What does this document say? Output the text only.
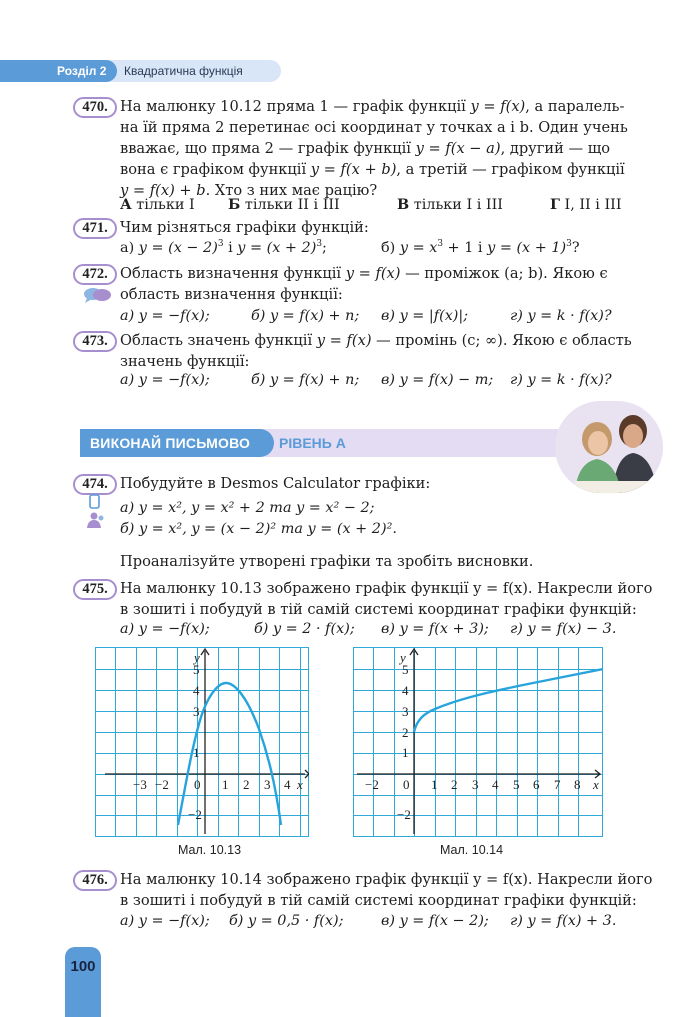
Розділ 2	Квадратична функція
470. На малюнку 10.12 пряма 1 — графік функції y = f(x), а паралель-
на їй пряма 2 перетинає осі координат у точках a і b. Один учень
вважає, що пряма 2 — графік функції y = f(x − a), другий — що
вона є графіком функції y = f(x + b), а третій — графіком функції
y = f(x) + b. Хто з них має рацію?
А тільки І Б тільки ІІ і ІІІ	В тільки І і ІІІ	Г І, ІІ і ІІІ
471. Чим різняться графіки функцій:
а) $y = (x - 2)^3$ і $y = (x + 2)^3$;	б) $y = x^3 + 1$ і $y = (x + 1)^3$?
472. Область визначення функції y = f(x) — проміжок (a; b). Якою є
область визначення функції:
а) y = −f(x);	б) y = f(x) + n; в) y = |f(x)|;	г) y = k · f(x)?
473. Область значень функції y = f(x) — промінь (c; ∞). Якою є область
значень функції:
а) y = −f(x);	б) y = f(x) + n; в) y = f(x) − m; г) y = k · f(x)?
ВИКОНАЙ ПИСЬМОВО	РІВЕНЬ А
474. Побудуйте в Desmos Calculator графіки:
а) y = x², y = x² + 2 та y = x² − 2;
б) y = x², y = (x − 2)² та y = (x + 2)².
Проаналізуйте утворені графіки та зробіть висновки.
475. На малюнку 10.13 зображено графік функції y = f(x). Накресли його
в зошиті і побудуй в тій самій системі координат графіки функцій:
а) y = −f(x);	б) y = 2 · f(x); в) y = f(x + 3); г) y = f(x) − 3.
y
x
−3 −2 0 1 2 3 4
5
4
3
1
−2
Мал. 10.13
y
x
−2 0 1 2 3 4 5 6 7 8
5
4
3
2
1
−2
Мал. 10.14
476. На малюнку 10.14 зображено графік функції y = f(x). Накресли його
в зошиті і побудуй в тій самій системі координат графіки функцій:
а) y = −f(x); б) y = 0,5 · f(x);	в) y = f(x − 2); г) y = f(x) + 3.
100
